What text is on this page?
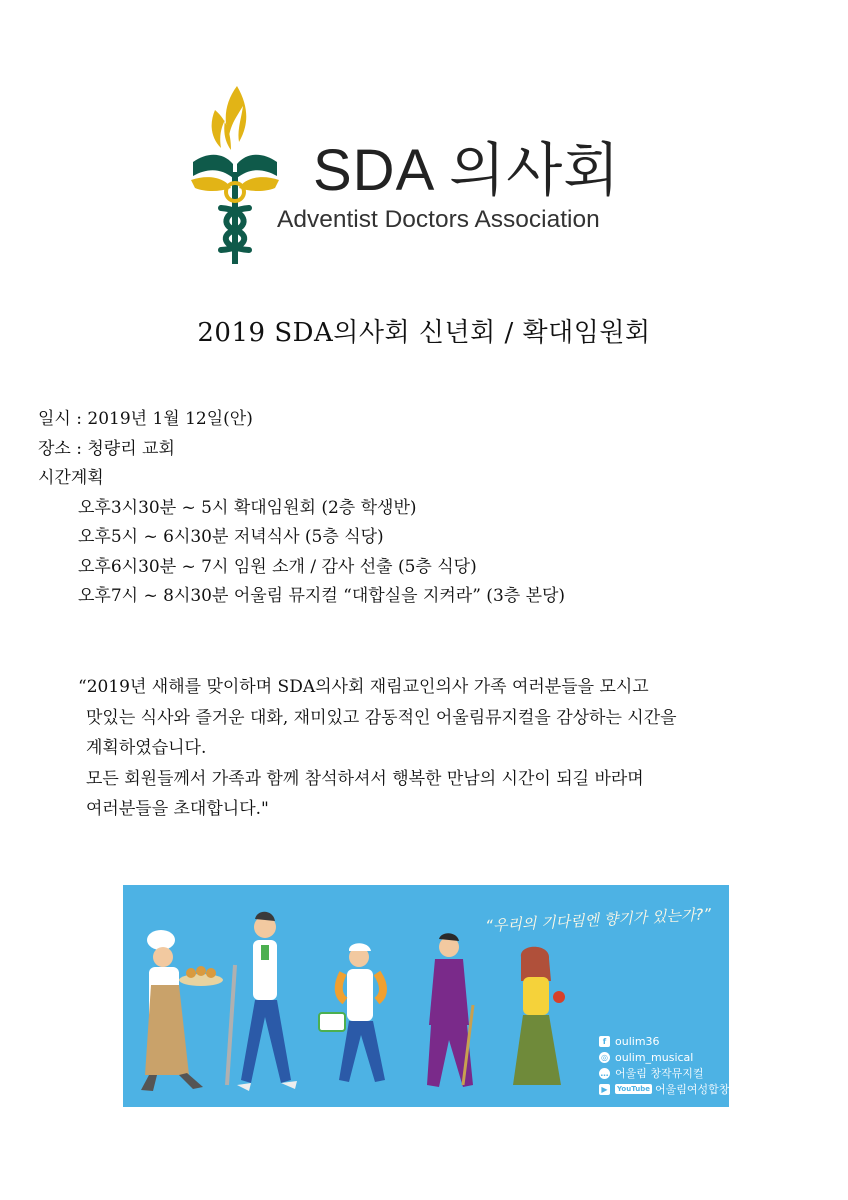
SDA 의사회
Adventist Doctors Association
2019 SDA의사회 신년회 / 확대임원회
일시 : 2019년 1월 12일(안)
장소 : 청량리 교회
시간계획
오후3시30분 ~ 5시 확대임원회 (2층 학생반)
오후5시 ~ 6시30분 저녁식사 (5층 식당)
오후6시30분 ~ 7시 임원 소개 / 감사 선출 (5층 식당)
오후7시 ~ 8시30분 어울림 뮤지컬 “대합실을 지켜라” (3층 본당)
“2019년 새해를 맞이하며 SDA의사회 재림교인의사 가족 여러분들을 모시고
맛있는 식사와 즐거운 대화, 재미있고 감동적인 어울림뮤지컬을 감상하는 시간을
계획하였습니다.
모든 회원들께서 가족과 함께 참석하셔서 행복한 만남의 시간이 되길 바라며
여러분들을 초대합니다."
“우리의 기다림엔 향기가 있는가?”
f oulim36
◎ oulim_musical
… 어울림 창작뮤지컬
▶	YouTube 어울림여성합창단
